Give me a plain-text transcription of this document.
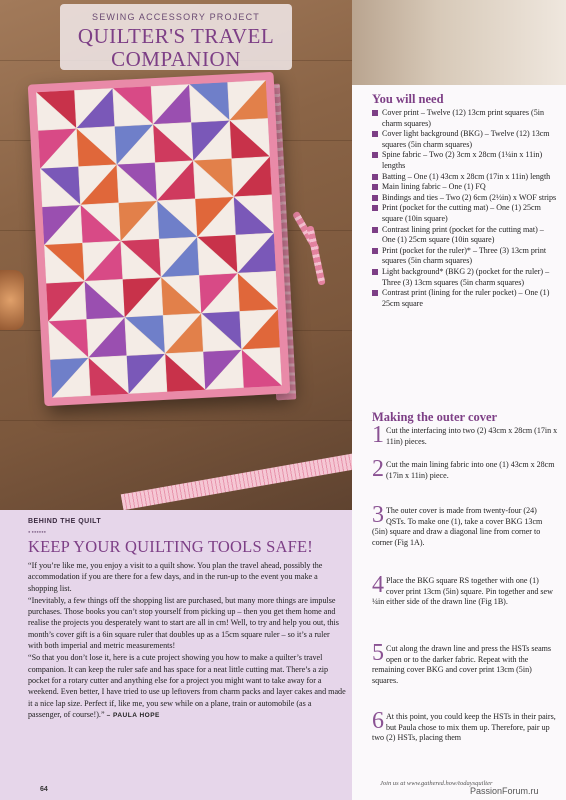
SEWING ACCESSORY PROJECT
QUILTER'S TRAVEL
COMPANION
BEHIND THE QUILT
● ●●●●●●
KEEP YOUR QUILTING TOOLS SAFE!

“If you’re like me, you enjoy a visit to a quilt show. You plan the travel ahead, possibly the accommodation if you are there for a few days, and in the run-up to the event you make a shopping list.

“Inevitably, a few things off the shopping list are purchased, but many more things are impulse purchases. Those books you can’t stop yourself from picking up – then you get them home and realise the projects you desperately want to start are all in cm! Well, to try and help you out, this month’s cover gift is a 6in square ruler that doubles up as a 15cm square ruler – so it’s a ruler with both imperial and metric measurements!

“So that you don’t lose it, here is a cute project showing you how to make a quilter’s travel companion. It can keep the ruler safe and has space for a neat little cutting mat. There’s a zip pocket for a rotary cutter and anything else for a project you might want to take away for a weekend. Even better, I have tried to use up leftovers from charm packs and layer cakes and made it a nice lap size. Perfect if, like me, you sew while on a plane, train or automobile (as a passenger, of course!).” – PAULA HOPE

64
You will need
Cover print – Twelve (12) 13cm print squares (5in charm squares)
Cover light background (BKG) – Twelve (12) 13cm squares (5in charm squares)
Spine fabric – Two (2) 3cm x 28cm (1¼in x 11in) lengths
Batting – One (1) 43cm x 28cm (17in x 11in) length
Main lining fabric – One (1) FQ
Bindings and ties – Two (2) 6cm (2½in) x WOF strips
Print (pocket for the cutting mat) – One (1) 25cm square (10in square)
Contrast lining print (pocket for the cutting mat) – One (1) 25cm square (10in square)
Print (pocket for the ruler)* – Three (3) 13cm print squares (5in charm squares)
Light background* (BKG 2) (pocket for the ruler) – Three (3) 13cm squares (5in charm squares)
Contrast print (lining for the ruler pocket) – One (1) 25cm square
Making the outer cover
1 Cut the interfacing into two (2) 43cm x 28cm (17in x 11in) pieces.
2 Cut the main lining fabric into one (1) 43cm x 28cm (17in x 11in) piece.
3 The outer cover is made from twenty-four (24) QSTs. To make one (1), take a cover BKG 13cm (5in) square and draw a diagonal line from corner to corner (Fig 1A).
4 Place the BKG square RS together with one (1) cover print 13cm (5in) square. Pin together and sew ¼in either side of the drawn line (Fig 1B).
5 Cut along the drawn line and press the HSTs seams open or to the darker fabric. Repeat with the remaining cover BKG and cover print 13cm (5in) squares.
6 At this point, you could keep the HSTs in their pairs, but Paula chose to mix them up. Therefore, pair up two (2) HSTs, placing them
Join us at www.gathered.how/todaysquilter
PassionForum.ru
